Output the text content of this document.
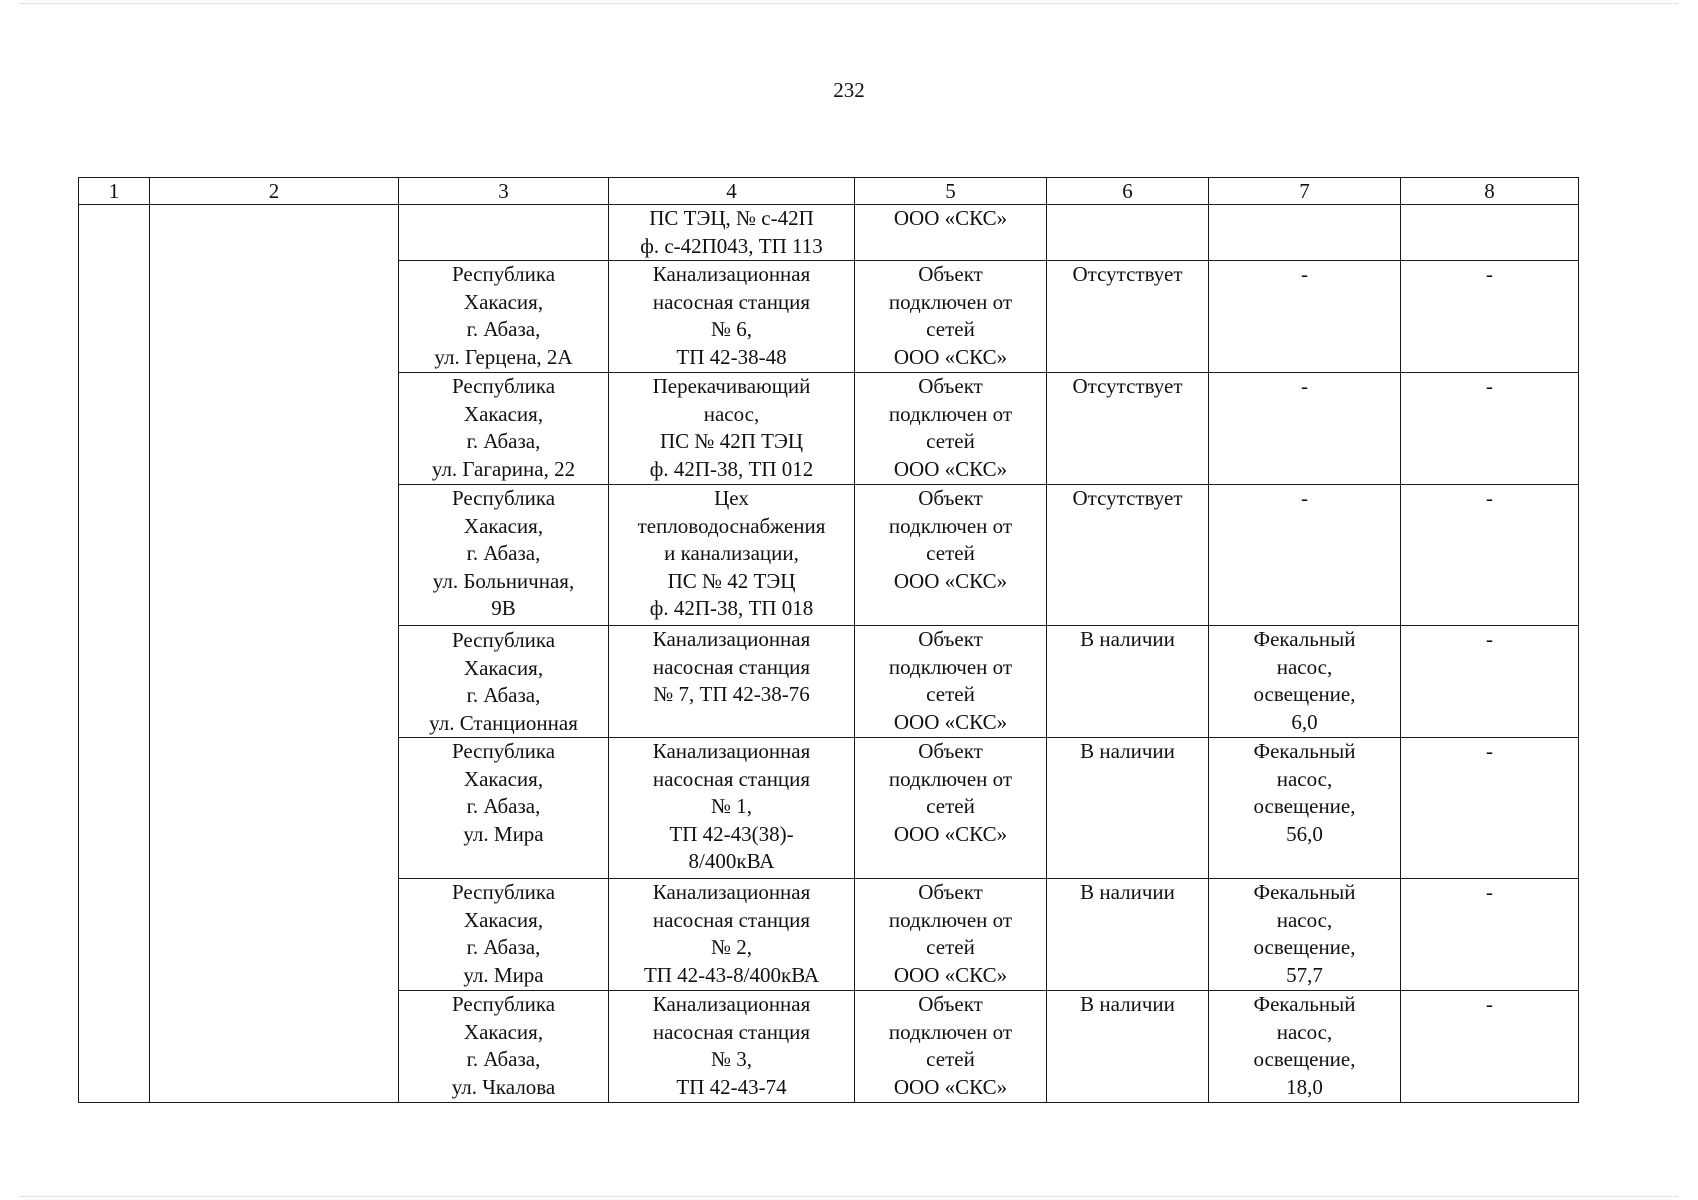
232
1	2	3	4	5	6	7	8
			ПС ТЭЦ, № с-42П
ф. с-42П043, ТП 113	ООО «СКС»			
		Республика
Хакасия,
г. Абаза,
ул. Герцена, 2А	Канализационная
насосная станция
№ 6,
ТП 42-38-48	Объект
подключен от
сетей
ООО «СКС»	Отсутствует	-	-
		Республика
Хакасия,
г. Абаза,
ул. Гагарина, 22	Перекачивающий
насос,
ПС № 42П ТЭЦ
ф. 42П-38, ТП 012	Объект
подключен от
сетей
ООО «СКС»	Отсутствует	-	-
		Республика
Хакасия,
г. Абаза,
ул. Больничная,
9В	Цех
тепловодоснабжения
и канализации,
ПС № 42 ТЭЦ
ф. 42П-38, ТП 018	Объект
подключен от
сетей
ООО «СКС»	Отсутствует	-	-
		Республика
Хакасия,
г. Абаза,
ул. Станционная	Канализационная
насосная станция
№ 7, ТП 42-38-76	Объект
подключен от
сетей
ООО «СКС»	В наличии	Фекальный
насос,
освещение,
6,0	-
		Республика
Хакасия,
г. Абаза,
ул. Мира	Канализационная
насосная станция
№ 1,
ТП 42-43(38)-
8/400кВА	Объект
подключен от
сетей
ООО «СКС»	В наличии	Фекальный
насос,
освещение,
56,0	-
		Республика
Хакасия,
г. Абаза,
ул. Мира	Канализационная
насосная станция
№ 2,
ТП 42-43-8/400кВА	Объект
подключен от
сетей
ООО «СКС»	В наличии	Фекальный
насос,
освещение,
57,7	-
		Республика
Хакасия,
г. Абаза,
ул. Чкалова	Канализационная
насосная станция
№ 3,
ТП 42-43-74	Объект
подключен от
сетей
ООО «СКС»	В наличии	Фекальный
насос,
освещение,
18,0	-
